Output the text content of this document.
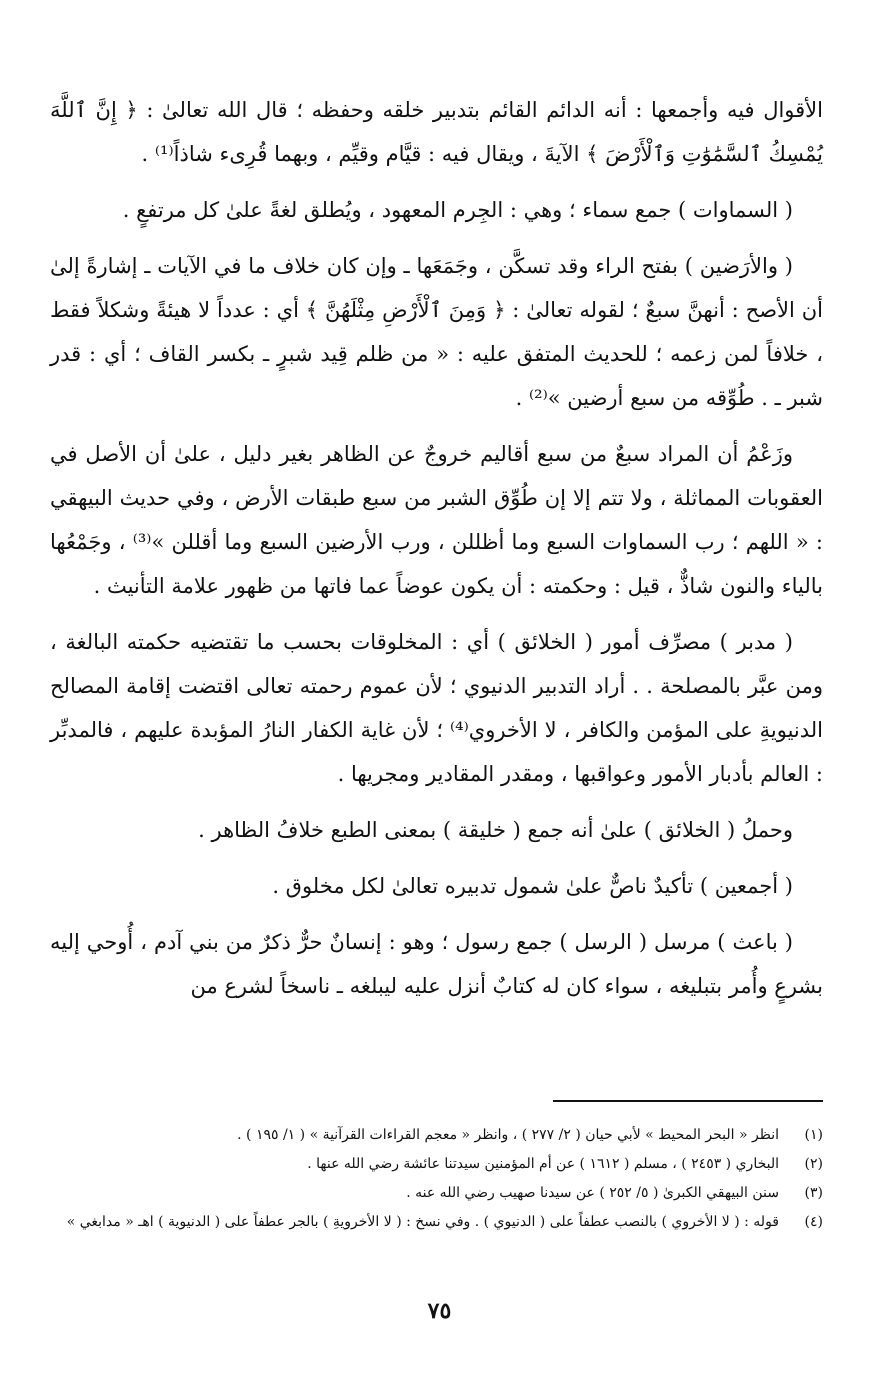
الأقوال فيه وأجمعها : أنه الدائم القائم بتدبير خلقه وحفظه ؛ قال الله تعالىٰ : ﴿ إِنَّ ٱللَّهَ يُمْسِكُ ٱلسَّمَٰوَٰتِ وَٱلْأَرْضَ ﴾ الآيةَ ، ويقال فيه : قيَّام وقيِّم ، وبهما قُرِىء شاذاً⁽¹⁾ .

( السماوات ) جمع سماء ؛ وهي : الجِرم المعهود ، ويُطلق لغةً علىٰ كل مرتفعٍ .

( والأرَضين ) بفتح الراء وقد تسكَّن ، وجَمَعَها ـ وإن كان خلاف ما في الآيات ـ إشارةً إلىٰ أن الأصح : أنهنَّ سبعٌ ؛ لقوله تعالىٰ : ﴿ وَمِنَ ٱلْأَرْضِ مِثْلَهُنَّ ﴾ أي : عدداً لا هيئةً وشكلاً فقط ، خلافاً لمن زعمه ؛ للحديث المتفق عليه : « من ظلم قِيد شبرٍ ـ بكسر القاف ؛ أي : قدر شبر ـ . طُوِّقه من سبع أرضين »⁽²⁾ .

وزَعْمُ أن المراد سبعٌ من سبع أقاليم خروجٌ عن الظاهر بغير دليل ، علىٰ أن الأصل في العقوبات المماثلة ، ولا تتم إلا إن طُوِّق الشبر من سبع طبقات الأرض ، وفي حديث البيهقي : « اللهم ؛ رب السماوات السبع وما أظللن ، ورب الأرضين السبع وما أقللن »⁽³⁾ ، وجَمْعُها بالياء والنون شاذٌّ ، قيل : وحكمته : أن يكون عوضاً عما فاتها من ظهور علامة التأنيث .

( مدبر ) مصرِّف أمور ( الخلائق ) أي : المخلوقات بحسب ما تقتضيه حكمته البالغة ، ومن عبَّر بالمصلحة . . أراد التدبير الدنيوي ؛ لأن عموم رحمته تعالى اقتضت إقامة المصالح الدنيويةِ على المؤمن والكافر ، لا الأخروي⁽⁴⁾ ؛ لأن غاية الكفار النارُ المؤبدة عليهم ، فالمدبِّر : العالم بأدبار الأمور وعواقبها ، ومقدر المقادير ومجريها .

وحملُ ( الخلائق ) علىٰ أنه جمع ( خليقة ) بمعنى الطبع خلافُ الظاهر .

( أجمعين ) تأكيدٌ ناصٌّ علىٰ شمول تدبيره تعالىٰ لكل مخلوق .

( باعث ) مرسل ( الرسل ) جمع رسول ؛ وهو : إنسانٌ حرٌّ ذكرٌ من بني آدم ، أُوحي إليه بشرعٍ وأُمر بتبليغه ، سواء كان له كتابٌ أنزل عليه ليبلغه ـ ناسخاً لشرع من

(١)
انظر « البحر المحيط » لأبي حيان ( ٢/ ٢٧٧ ) ، وانظر « معجم القراءات القرآنية » ( ١/ ١٩٥ ) .
(٢)
البخاري ( ٢٤٥٣ ) ، مسلم ( ١٦١٢ ) عن أم المؤمنين سيدتنا عائشة رضي الله عنها .
(٣)
سنن البيهقي الكبرىٰ ( ٥/ ٢٥٢ ) عن سيدنا صهيب رضي الله عنه .
(٤)
قوله : ( لا الأخروي ) بالنصب عطفاً على ( الدنيوي ) . وفي نسخ : ( لا الأخرويةِ ) بالجر عطفاً على ( الدنيوية ) اهـ « مدابغي »
٧٥
